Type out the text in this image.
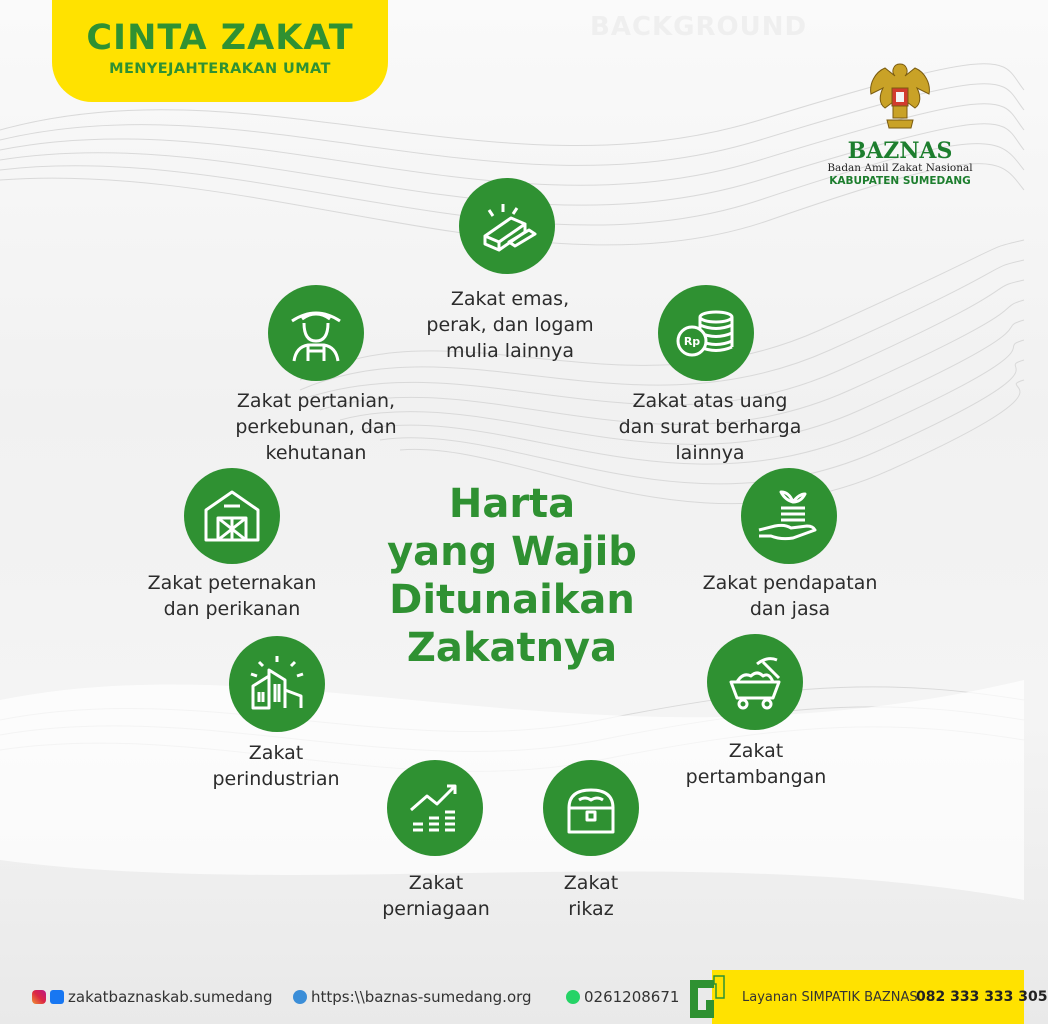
BACKGROUND
CINTA ZAKAT
MENYEJAHTERAKAN UMAT
BAZNAS
Badan Amil Zakat Nasional
KABUPATEN SUMEDANG
Zakat emas,
perak, dan logam
mulia lainnya	Rp
Zakat atas uang
dan surat berharga
lainnya
Zakat pendapatan
dan jasa
Zakat
pertambangan
Zakat
rikaz
Zakat
perniagaan
Zakat
perindustrian
Zakat peternakan
dan perikanan
Zakat pertanian,
perkebunan, dan
kehutanan
Harta
yang Wajib
Ditunaikan
Zakatnya
zakatbaznaskab.sumedang	https:\\baznas-sumedang.org	0261208671	Layanan SIMPATIK BAZNAS
082 333 333 305
